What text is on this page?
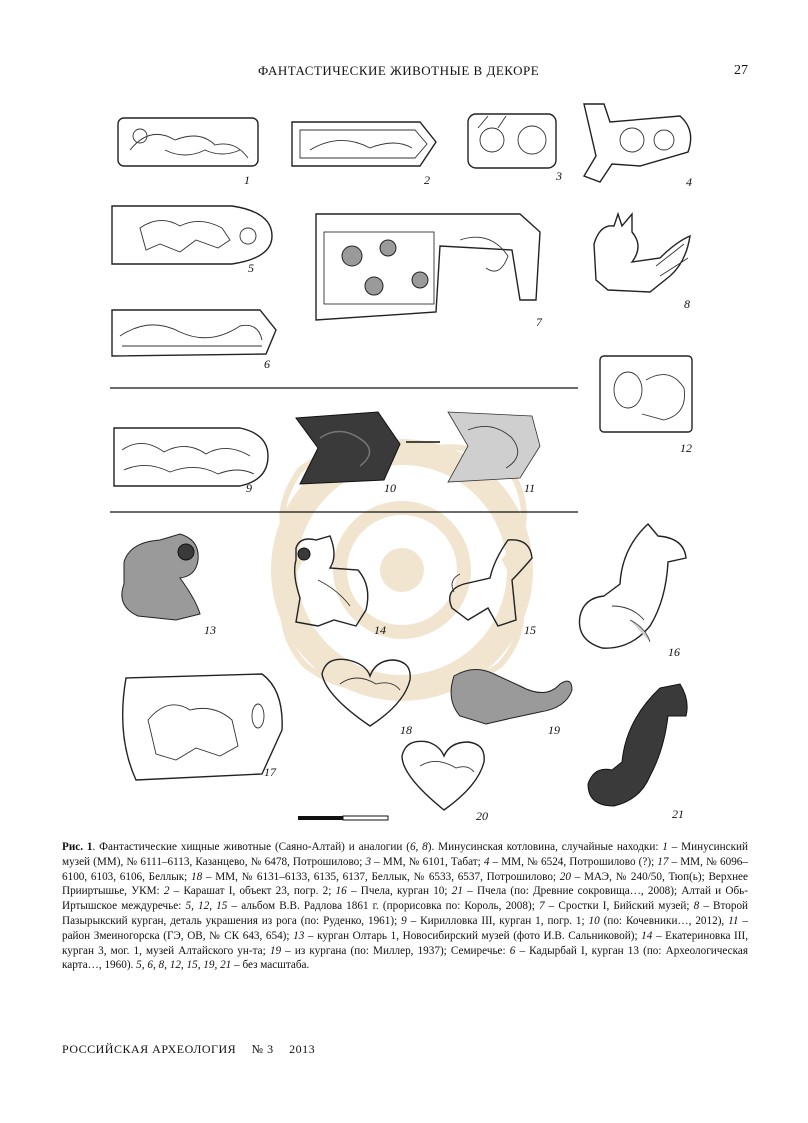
ФАНТАСТИЧЕСКИЕ ЖИВОТНЫЕ В ДЕКОРЕ	27
1	2	3	4
5
6
7
8
9	10	11
12
13	14	15
16
17
18	19
20	21
Рис. 1. Фантастические хищные животные (Саяно-Алтай) и аналогии (6, 8). Минусинская котловина, случайные находки: 1 – Минусинский музей (ММ), № 6111–6113, Казанцево, № 6478, Потрошилово; 3 – ММ, № 6101, Табат; 4 – ММ, № 6524, Потрошилово (?); 17 – ММ, № 6096–6100, 6103, 6106, Беллык; 18 – ММ, № 6131–6133, 6135, 6137, Беллык, № 6533, 6537, Потрошилово; 20 – МАЭ, № 240/50, Тюп(ь); Верхнее Прииртышье, УКМ: 2 – Карашат I, объект 23, погр. 2; 16 – Пчела, курган 10; 21 – Пчела (по: Древние сокровища…, 2008); Алтай и Обь-Иртышское междуречье: 5, 12, 15 – альбом В.В. Радлова 1861 г. (прорисовка по: Король, 2008); 7 – Сростки I, Бийский музей; 8 – Второй Пазырыкский курган, деталь украшения из рога (по: Руденко, 1961); 9 – Кирилловка III, курган 1, погр. 1; 10 (по: Кочевники…, 2012), 11 – район Змеиногорска (ГЭ, ОВ, № СК 643, 654); 13 – курган Олтарь 1, Новосибирский музей (фото И.В. Сальниковой); 14 – Екатериновка III, курган 3, мог. 1, музей Алтайского ун-та; 19 – из кургана (по: Миллер, 1937); Семиречье: 6 – Кадырбай I, курган 13 (по: Археологическая карта…, 1960). 5, 6, 8, 12, 15, 19, 21 – без масштаба.
РОССИЙСКАЯ АРХЕОЛОГИЯ № 3 2013
